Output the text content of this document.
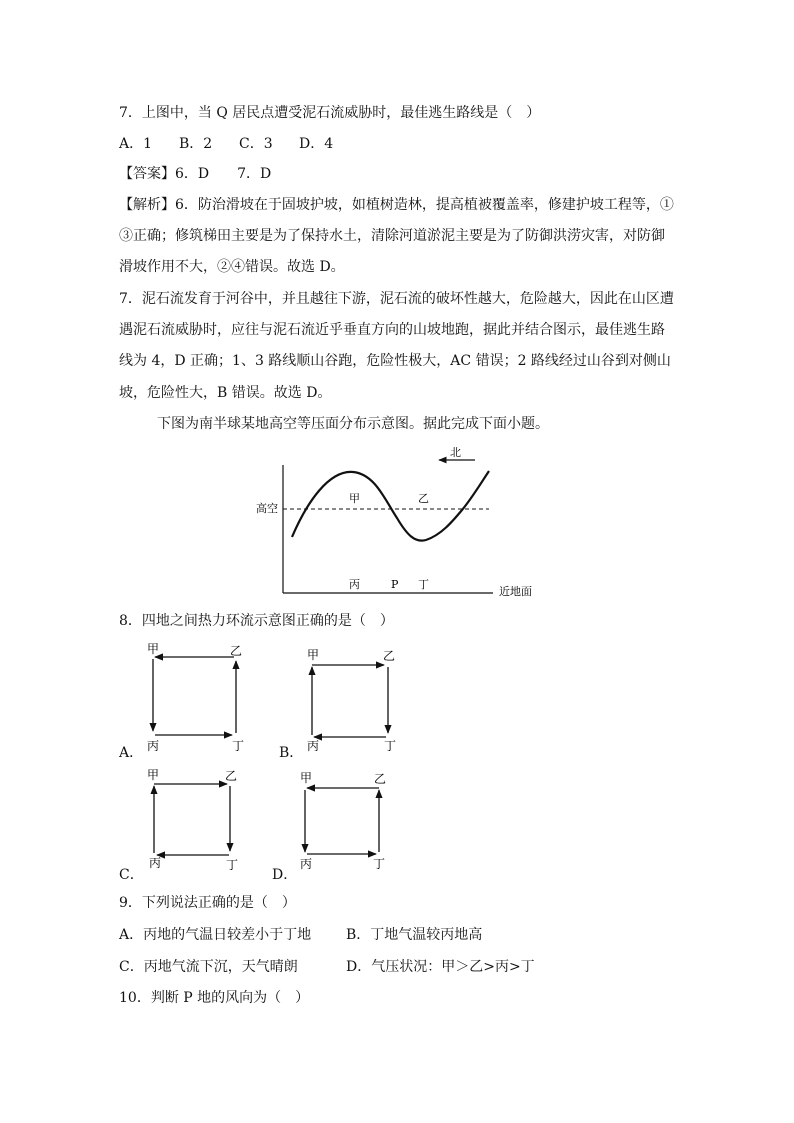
7．上图中，当 Q 居民点遭受泥石流威胁时，最佳逃生路线是（　）
A．1 B．2 C．3 D．4
【答案】6．D　　7．D
【解析】6．防治滑坡在于固坡护坡，如植树造林，提高植被覆盖率，修建护坡工程等，①
③正确；修筑梯田主要是为了保持水土，清除河道淤泥主要是为了防御洪涝灾害，对防御
滑坡作用不大，②④错误。故选 D。
7．泥石流发育于河谷中，并且越往下游，泥石流的破坏性越大，危险越大，因此在山区遭
遇泥石流威胁时，应往与泥石流近乎垂直方向的山坡地跑，据此并结合图示，最佳逃生路
线为 4，D 正确；1、3 路线顺山谷跑，危险性极大，AC 错误；2 路线经过山谷到对侧山
坡，危险性大，B 错误。故选 D。
下图为南半球某地高空等压面分布示意图。据此完成下面小题。
北
高空
甲	乙
丙	P 丁
近地面
8．四地之间热力环流示意图正确的是（　）
甲	乙
丙	丁
A．
甲	乙
丙	丁
B．
甲	乙
丙	丁
C．
甲	乙
丙	丁
D．
9．下列说法正确的是（　）
A．丙地的气温日较差小于丁地 B．丁地气温较丙地高
C．丙地气流下沉，天气晴朗	D．气压状况：甲＞乙>丙>丁
10．判断 P 地的风向为（　）
